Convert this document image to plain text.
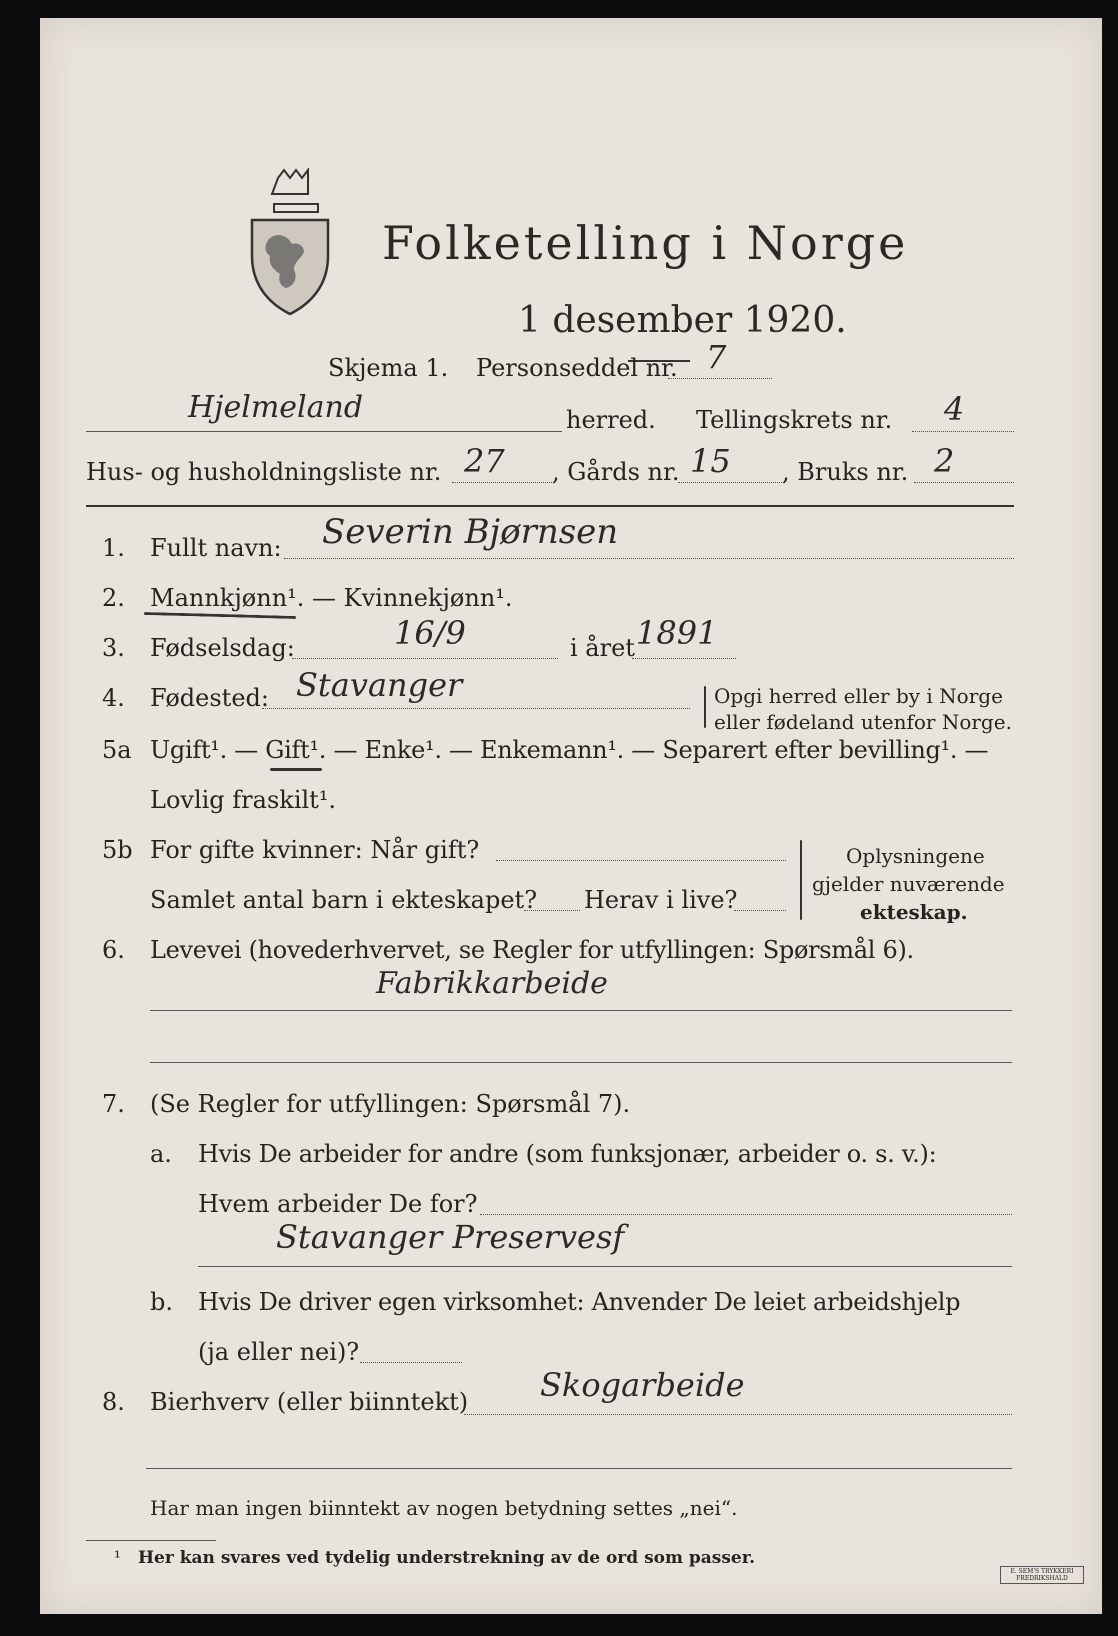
Folketelling i Norge
1 desember 1920.
Skjema 1. Personseddel nr. 7
Hjelmeland	herred. Tellingskrets nr. 4
Hus- og husholdningsliste nr. 27 , Gårds nr. 15 , Bruks nr. 2
1. Fullt navn: Severin Bjørnsen
2. Mannkjønn¹. — Kvinnekjønn¹.
3. Fødselsdag:	16/9	i året 1891
4. Fødested: Stavanger	Opgi herred eller by i Norge
eller fødeland utenfor Norge.
5a Ugift¹. — Gift¹. — Enke¹. — Enkemann¹. — Separert efter bevilling¹. —
Lovlig fraskilt¹.
5b For gifte kvinner: Når gift?
Samlet antal barn i ekteskapet? Herav i live?
Oplysningene
gjelder nuværende
ekteskap.
6. Levevei (hovederhvervet, se Regler for utfyllingen: Spørsmål 6).
Fabrikkarbeide
7. (Se Regler for utfyllingen: Spørsmål 7).
a. Hvis De arbeider for andre (som funksjonær, arbeider o. s. v.):
Hvem arbeider De for?
Stavanger Preservesf
b. Hvis De driver egen virksomhet: Anvender De leiet arbeidshjelp
(ja eller nei)?
8. Bierhverv (eller biinntekt) Skogarbeide
Har man ingen biinntekt av nogen betydning settes „nei“.
¹ Her kan svares ved tydelig understrekning av de ord som passer.
E. SEM'S TRYKKERI FREDRIKSHALD
